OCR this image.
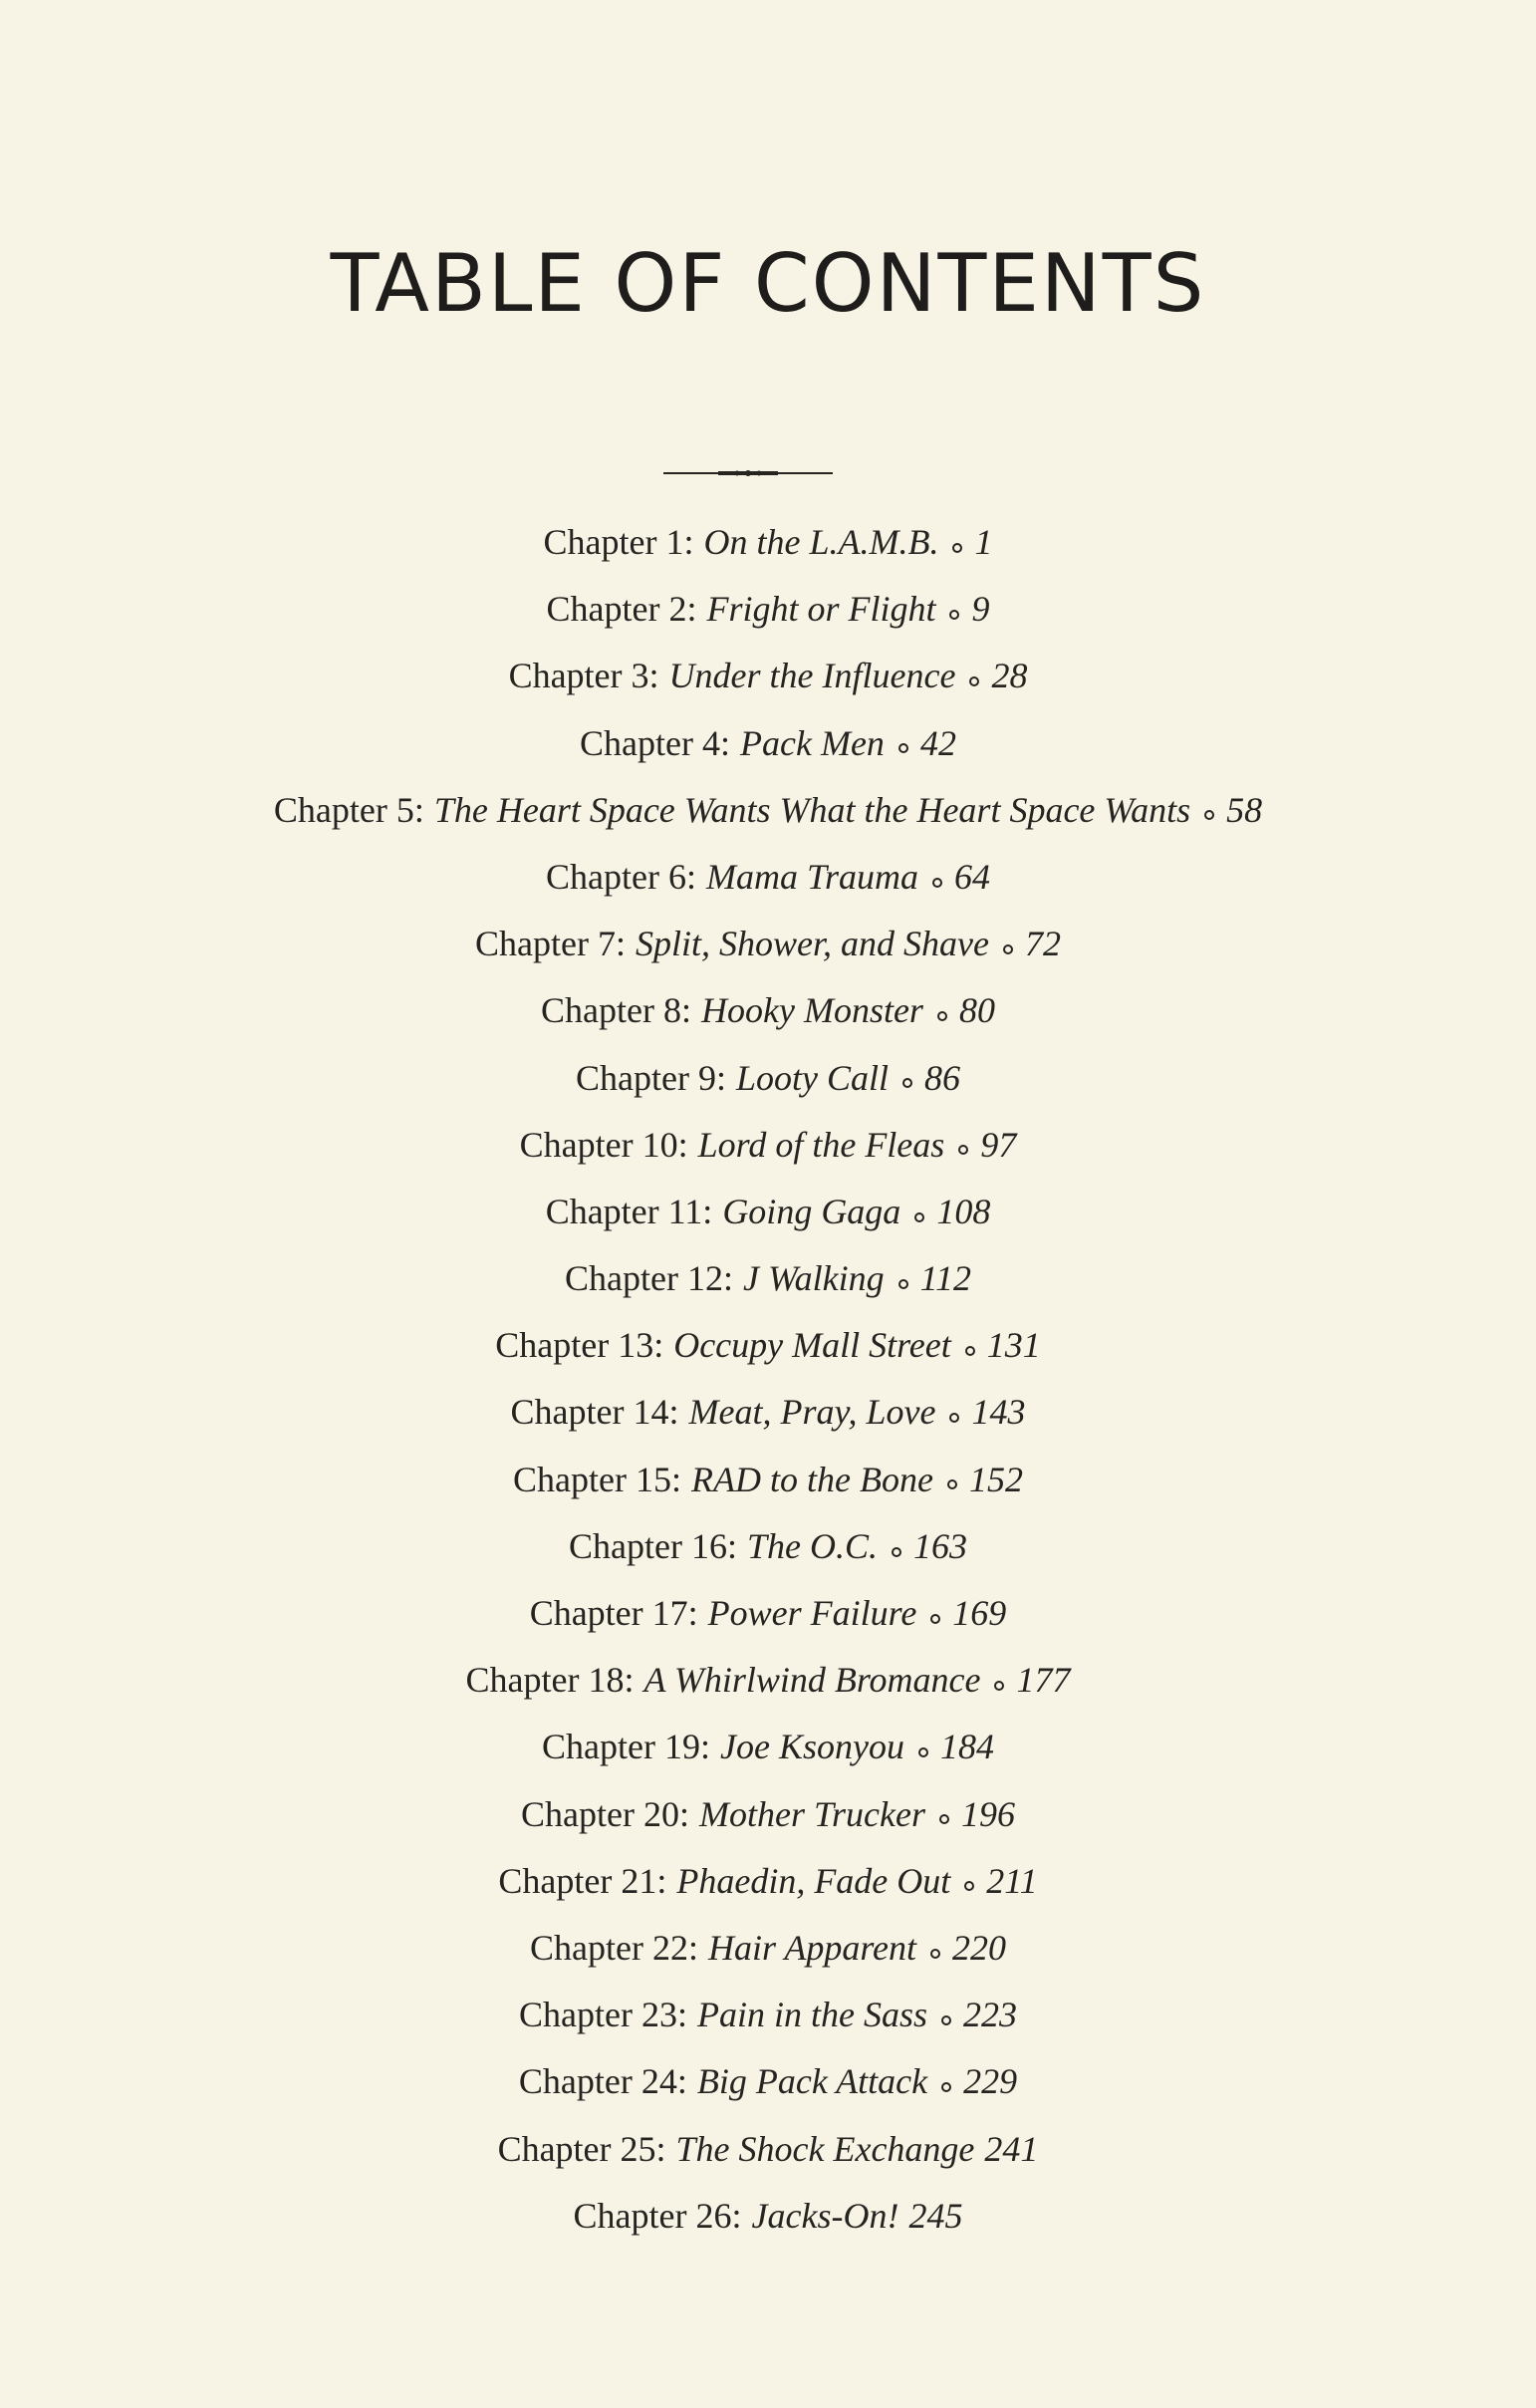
TABLE OF CONTENTS
Chapter 1: On the L.A.M.B. 1
Chapter 2: Fright or Flight 9
Chapter 3: Under the Influence 28
Chapter 4: Pack Men 42
Chapter 5: The Heart Space Wants What the Heart Space Wants 58
Chapter 6: Mama Trauma 64
Chapter 7: Split, Shower, and Shave 72
Chapter 8: Hooky Monster 80
Chapter 9: Looty Call 86
Chapter 10: Lord of the Fleas 97
Chapter 11: Going Gaga 108
Chapter 12: J Walking 112
Chapter 13: Occupy Mall Street 131
Chapter 14: Meat, Pray, Love 143
Chapter 15: RAD to the Bone 152
Chapter 16: The O.C. 163
Chapter 17: Power Failure 169
Chapter 18: A Whirlwind Bromance 177
Chapter 19: Joe Ksonyou 184
Chapter 20: Mother Trucker 196
Chapter 21: Phaedin, Fade Out 211
Chapter 22: Hair Apparent 220
Chapter 23: Pain in the Sass 223
Chapter 24: Big Pack Attack 229
Chapter 25: The Shock Exchange 241
Chapter 26: Jacks-On! 245
